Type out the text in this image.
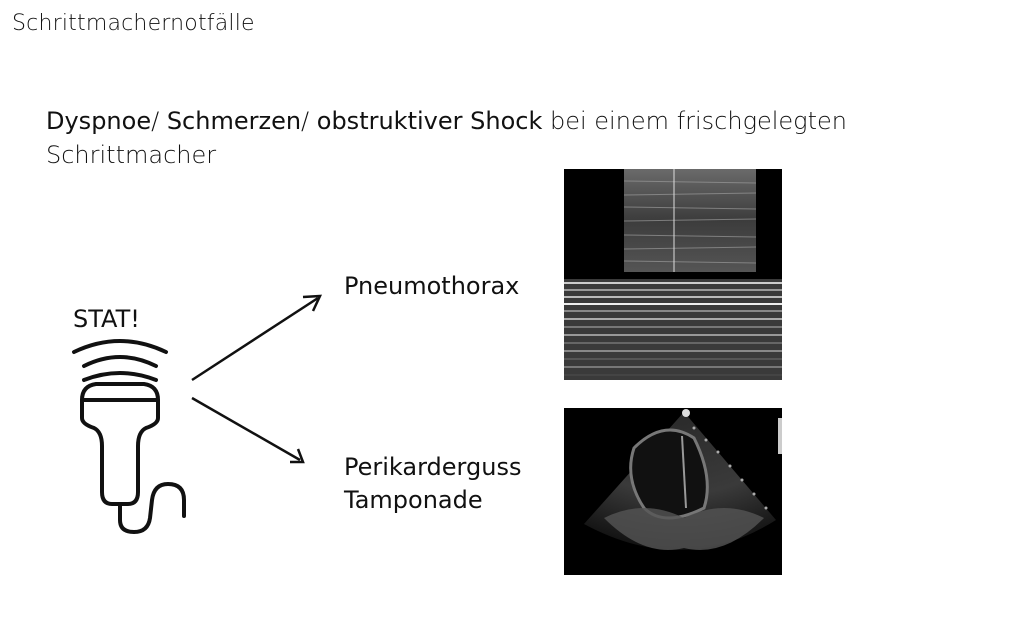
Schrittmachernotfälle
Dyspnoe/ Schmerzen/ obstruktiver Shock bei einem frischgelegten Schrittmacher
STAT!
Pneumothorax
Perikarderguss
Tamponade
